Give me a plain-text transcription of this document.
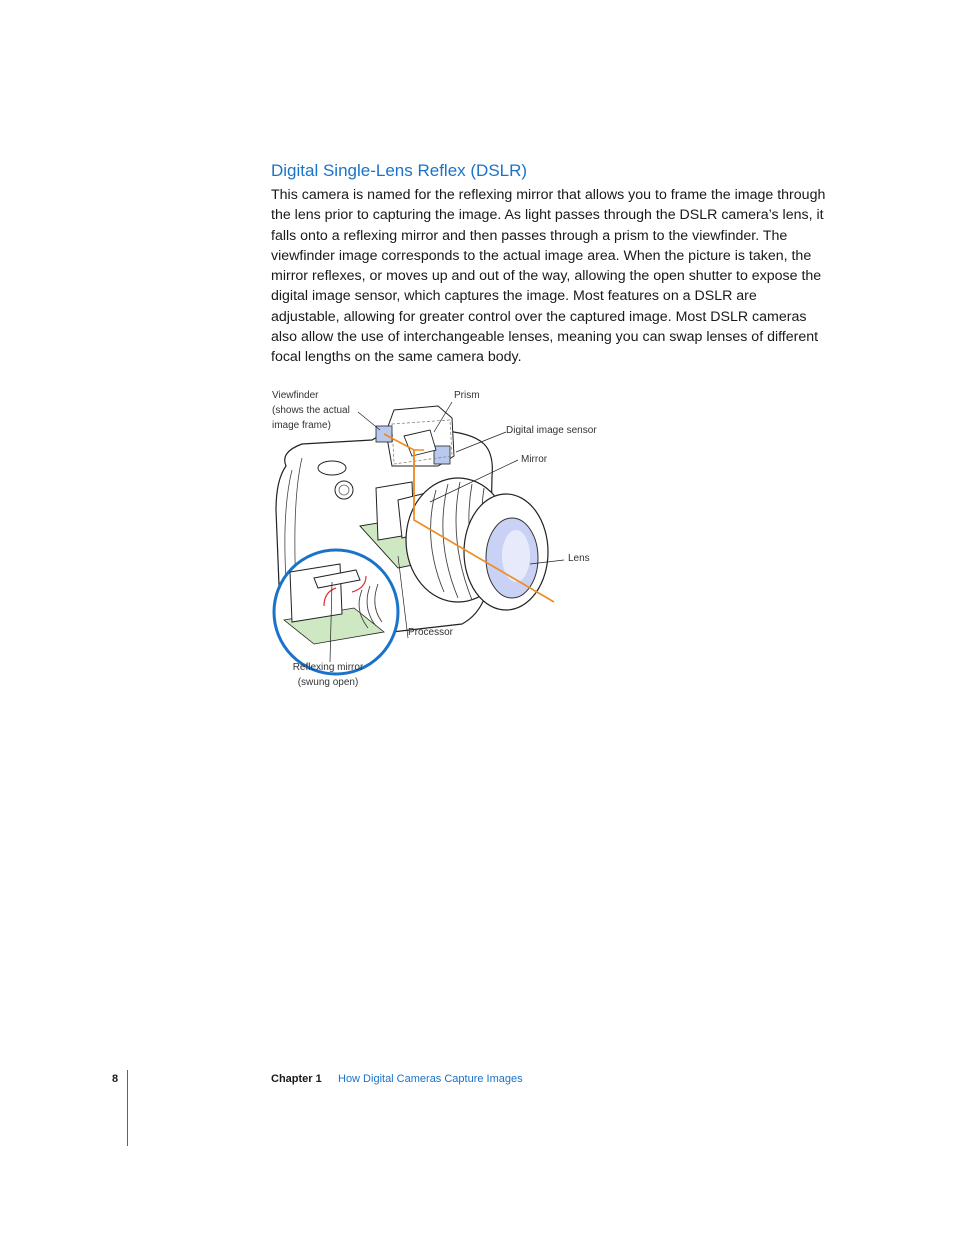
Digital Single-Lens Reflex (DSLR)

This camera is named for the reflexing mirror that allows you to frame the image through the lens prior to capturing the image. As light passes through the DSLR camera’s lens, it falls onto a reflexing mirror and then passes through a prism to the viewfinder. The viewfinder image corresponds to the actual image area. When the picture is taken, the mirror reflexes, or moves up and out of the way, allowing the open shutter to expose the digital image sensor, which captures the image. Most features on a DSLR are adjustable, allowing for greater control over the captured image. Most DSLR cameras also allow the use of interchangeable lenses, meaning you can swap lenses of different focal lengths on the same camera body.

Viewfinder
(shows the actual
image frame)
Prism
Digital image sensor
Mirror
Lens
Processor
Reflexing mirror
(swung open)
8	Chapter 1 How Digital Cameras Capture Images
